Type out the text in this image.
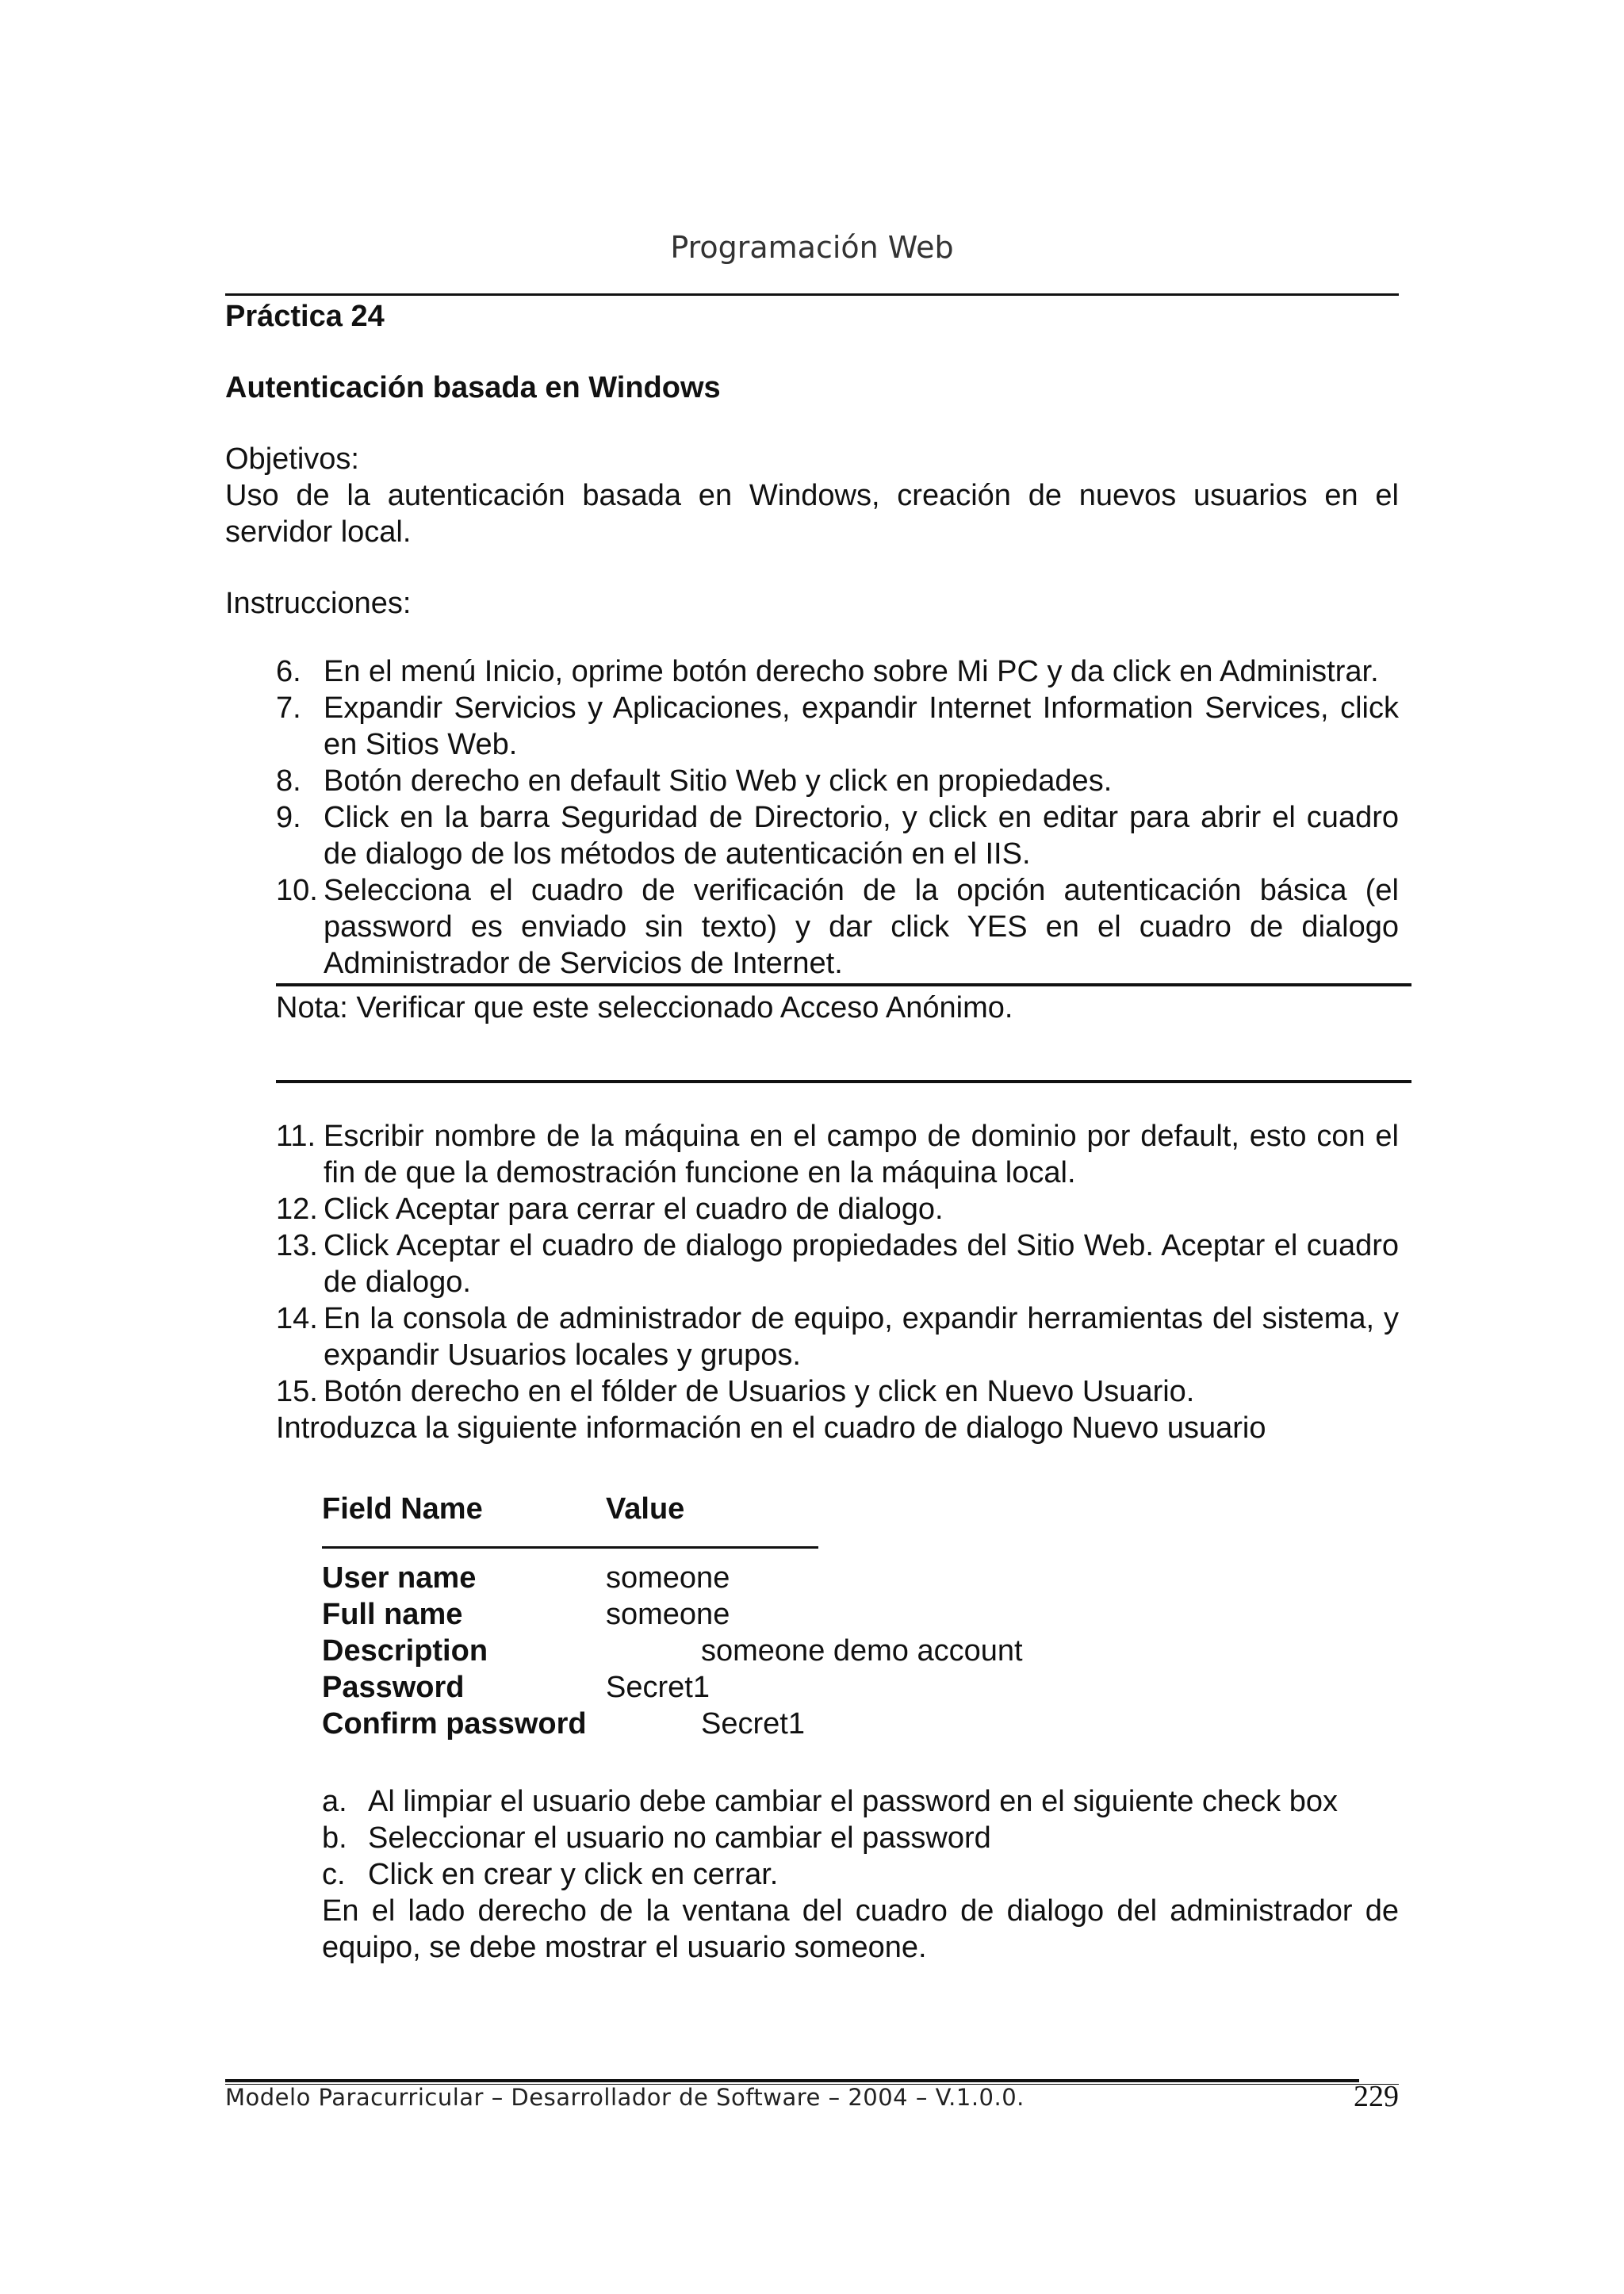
Programación Web
Práctica 24
Autenticación basada en Windows
Objetivos:
Uso de la autenticación basada en Windows, creación de nuevos usuarios en el servidor local.
Instrucciones:
6. En el menú Inicio, oprime botón derecho sobre Mi PC y da click en Administrar.
7. Expandir Servicios y Aplicaciones, expandir Internet Information Services, click en Sitios Web.
8. Botón derecho en default Sitio Web y click en propiedades.
9. Click en la barra Seguridad de Directorio, y click en editar para abrir el cuadro de dialogo de los métodos de autenticación en el IIS.
10. Selecciona el cuadro de verificación de la opción autenticación básica (el password es enviado sin texto) y dar click YES en el cuadro de dialogo Administrador de Servicios de Internet.
Nota: Verificar que este seleccionado Acceso Anónimo.
11. Escribir nombre de la máquina en el campo de dominio por default, esto con el fin de que la demostración funcione en la máquina local.
12. Click Aceptar para cerrar el cuadro de dialogo.
13. Click Aceptar el cuadro de dialogo propiedades del Sitio Web. Aceptar el cuadro de dialogo.
14. En la consola de administrador de equipo, expandir herramientas del sistema, y expandir Usuarios locales y grupos.
15. Botón derecho en el fólder de Usuarios y click en Nuevo Usuario.
Introduzca la siguiente información en el cuadro de dialogo Nuevo usuario
Field Name	Value
User name	someone
Full name	someone
Description	someone demo account
Password	Secret1
Confirm password	Secret1
a. Al limpiar el usuario debe cambiar el password en el siguiente check box
b. Seleccionar el usuario no cambiar el password
c. Click en crear y click en cerrar.
En el lado derecho de la ventana del cuadro de dialogo del administrador de equipo, se debe mostrar el usuario someone.
Modelo Paracurricular – Desarrollador de Software – 2004 – V.1.0.0.	229
